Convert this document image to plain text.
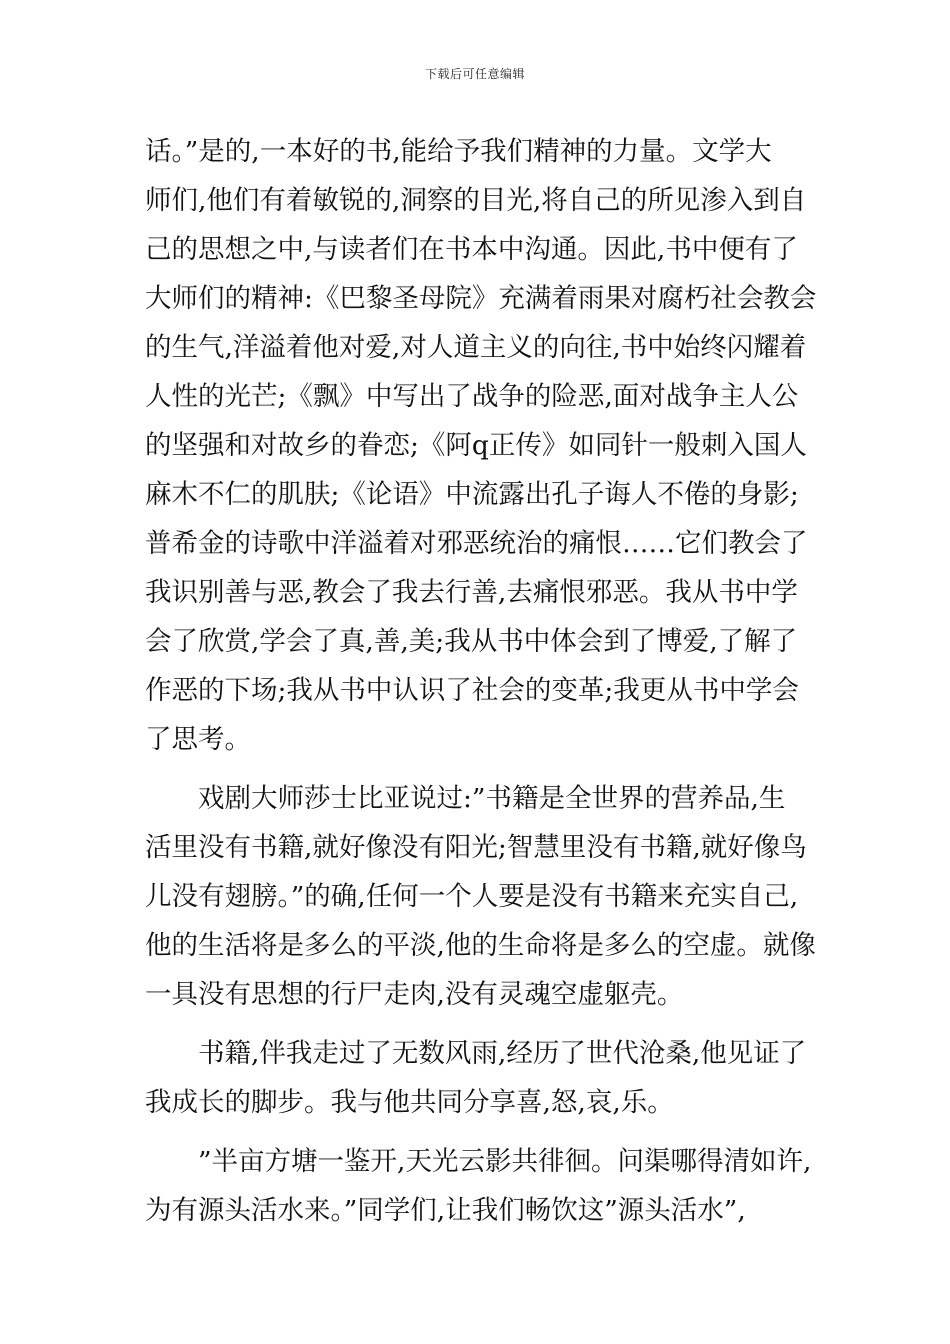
下载后可任意编辑
话。”是的,一本好的书,能给予我们精神的力量。文学大
师们,他们有着敏锐的,洞察的目光,将自己的所见渗入到自
己的思想之中,与读者们在书本中沟通。因此,书中便有了
大师们的精神:《巴黎圣母院》充满着雨果对腐朽社会教会
的生气,洋溢着他对爱,对人道主义的向往,书中始终闪耀着
人性的光芒;《飘》中写出了战争的险恶,面对战争主人公
的坚强和对故乡的眷恋;《阿q正传》如同针一般刺入国人
麻木不仁的肌肤;《论语》中流露出孔子诲人不倦的身影;
普希金的诗歌中洋溢着对邪恶统治的痛恨……它们教会了
我识别善与恶,教会了我去行善,去痛恨邪恶。我从书中学
会了欣赏,学会了真,善,美;我从书中体会到了博爱,了解了
作恶的下场;我从书中认识了社会的变革;我更从书中学会
了思考。
戏剧大师莎士比亚说过:”书籍是全世界的营养品,生
活里没有书籍,就好像没有阳光;智慧里没有书籍,就好像鸟
儿没有翅膀。”的确,任何一个人要是没有书籍来充实自己,
他的生活将是多么的平淡,他的生命将是多么的空虚。就像
一具没有思想的行尸走肉,没有灵魂空虚躯壳。
书籍,伴我走过了无数风雨,经历了世代沧桑,他见证了
我成长的脚步。我与他共同分享喜,怒,哀,乐。
”半亩方塘一鉴开,天光云影共徘徊。问渠哪得清如许,
为有源头活水来。”同学们,让我们畅饮这”源头活水”,
